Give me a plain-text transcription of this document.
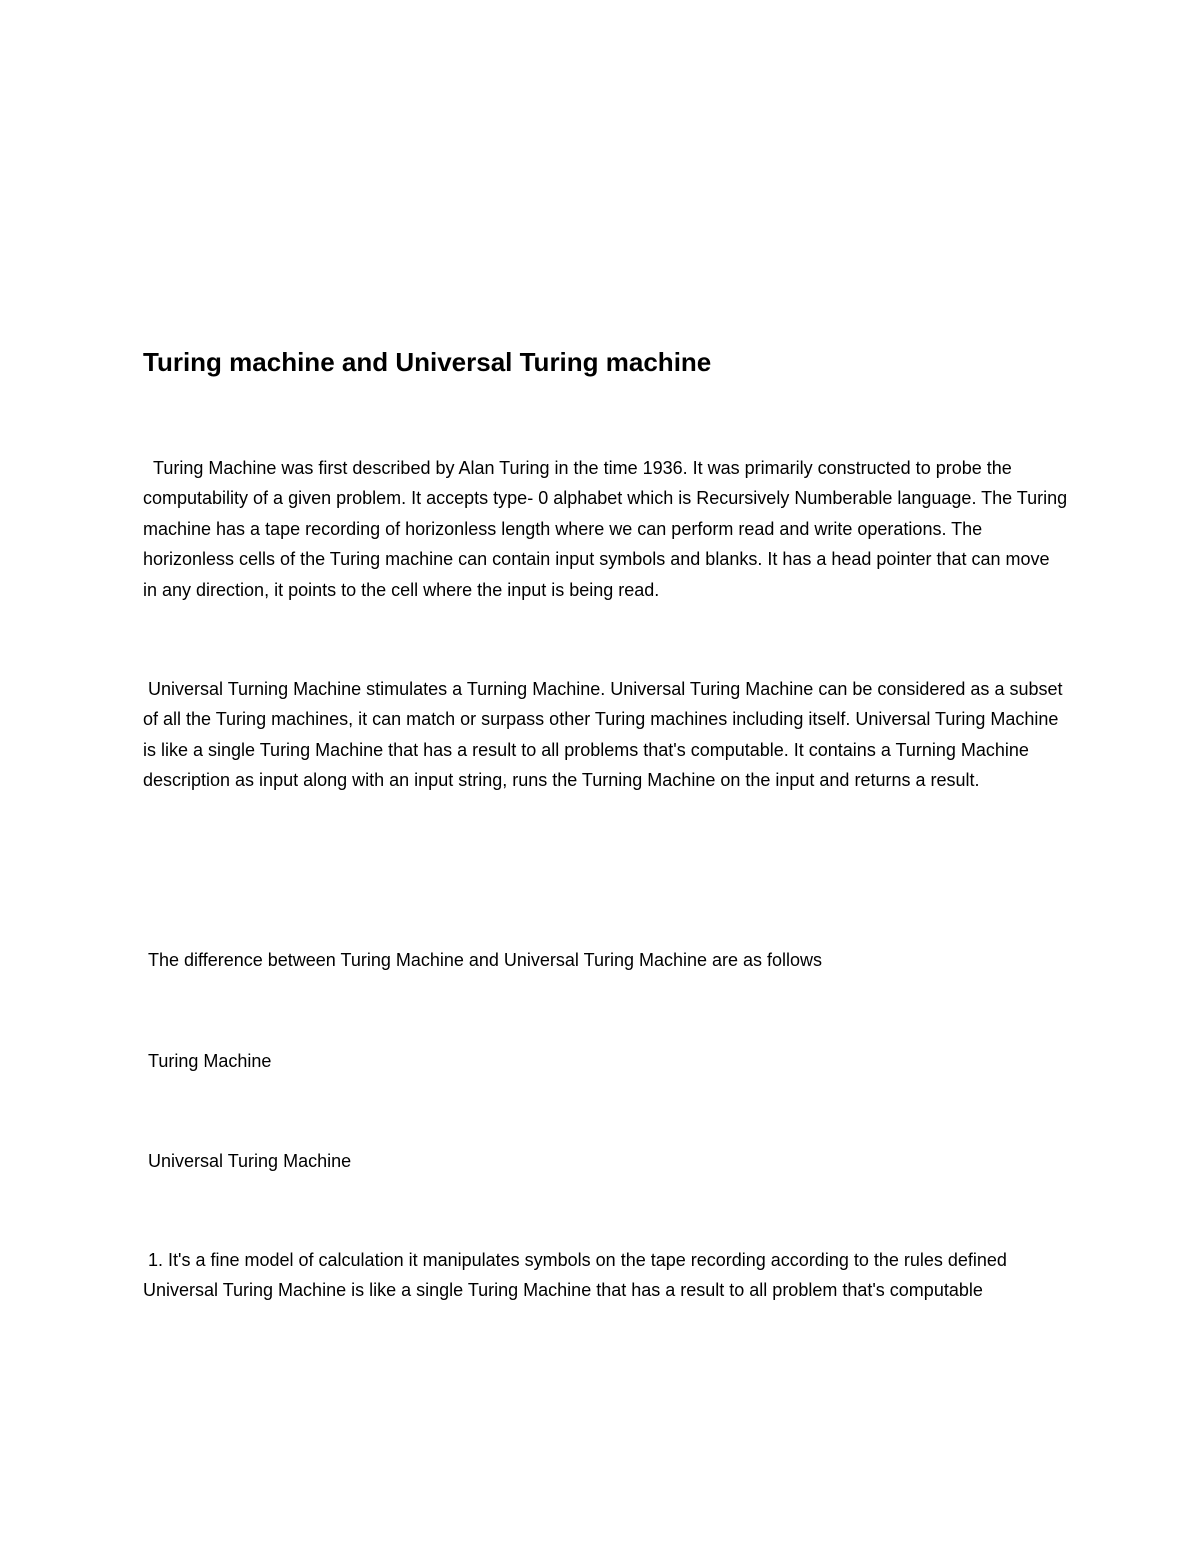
Turing machine and Universal Turing machine

Turing Machine was first described by Alan Turing in the time 1936. It was primarily constructed to probe the computability of a given problem. It accepts type- 0 alphabet which is Recursively Numberable language. The Turing machine has a tape recording of horizonless length where we can perform read and write operations. The horizonless cells of the Turing machine can contain input symbols and blanks. It has a head pointer that can move in any direction, it points to the cell where the input is being read.

Universal Turning Machine stimulates a Turning Machine. Universal Turing Machine can be considered as a subset of all the Turing machines, it can match or surpass other Turing machines including itself. Universal Turing Machine is like a single Turing Machine that has a result to all problems that's computable. It contains a Turning Machine description as input along with an input string, runs the Turning Machine on the input and returns a result.

The difference between Turing Machine and Universal Turing Machine are as follows

Turing Machine

Universal Turing Machine

1. It's a fine model of calculation it manipulates symbols on the tape recording according to the rules defined Universal Turing Machine is like a single Turing Machine that has a result to all problem that's computable
